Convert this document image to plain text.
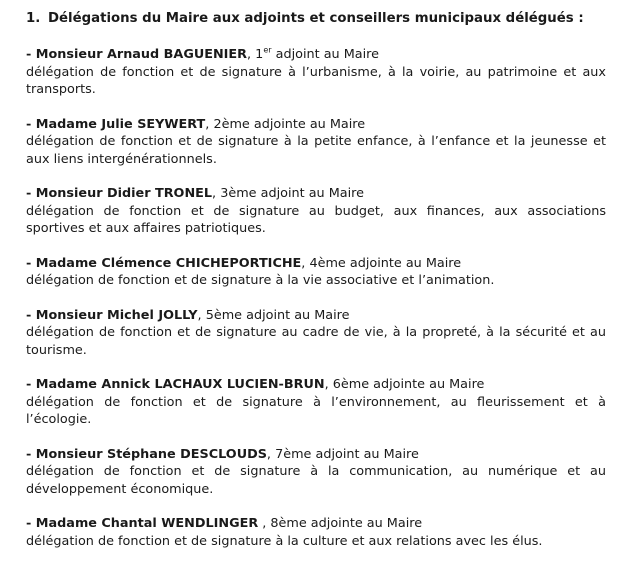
1. Délégations du Maire aux adjoints et conseillers municipaux délégués :
- Monsieur Arnaud BAGUENIER, 1er adjoint au Maire
délégation de fonction et de signature à l’urbanisme, à la voirie, au patrimoine et aux transports.
- Madame Julie SEYWERT, 2ème adjointe au Maire
délégation de fonction et de signature à la petite enfance, à l’enfance et la jeunesse et aux liens intergénérationnels.
- Monsieur Didier TRONEL, 3ème adjoint au Maire
délégation de fonction et de signature au budget, aux finances, aux associations sportives et aux affaires patriotiques.
- Madame Clémence CHICHEPORTICHE, 4ème adjointe au Maire
délégation de fonction et de signature à la vie associative et l’animation.
- Monsieur Michel JOLLY, 5ème adjoint au Maire
délégation de fonction et de signature au cadre de vie, à la propreté, à la sécurité et au tourisme.
- Madame Annick LACHAUX LUCIEN-BRUN, 6ème adjointe au Maire
délégation de fonction et de signature à l’environnement, au fleurissement et à l’écologie.
- Monsieur Stéphane DESCLOUDS, 7ème adjoint au Maire
délégation de fonction et de signature à la communication, au numérique et au développement économique.
- Madame Chantal WENDLINGER , 8ème adjointe au Maire
délégation de fonction et de signature à la culture et aux relations avec les élus.
